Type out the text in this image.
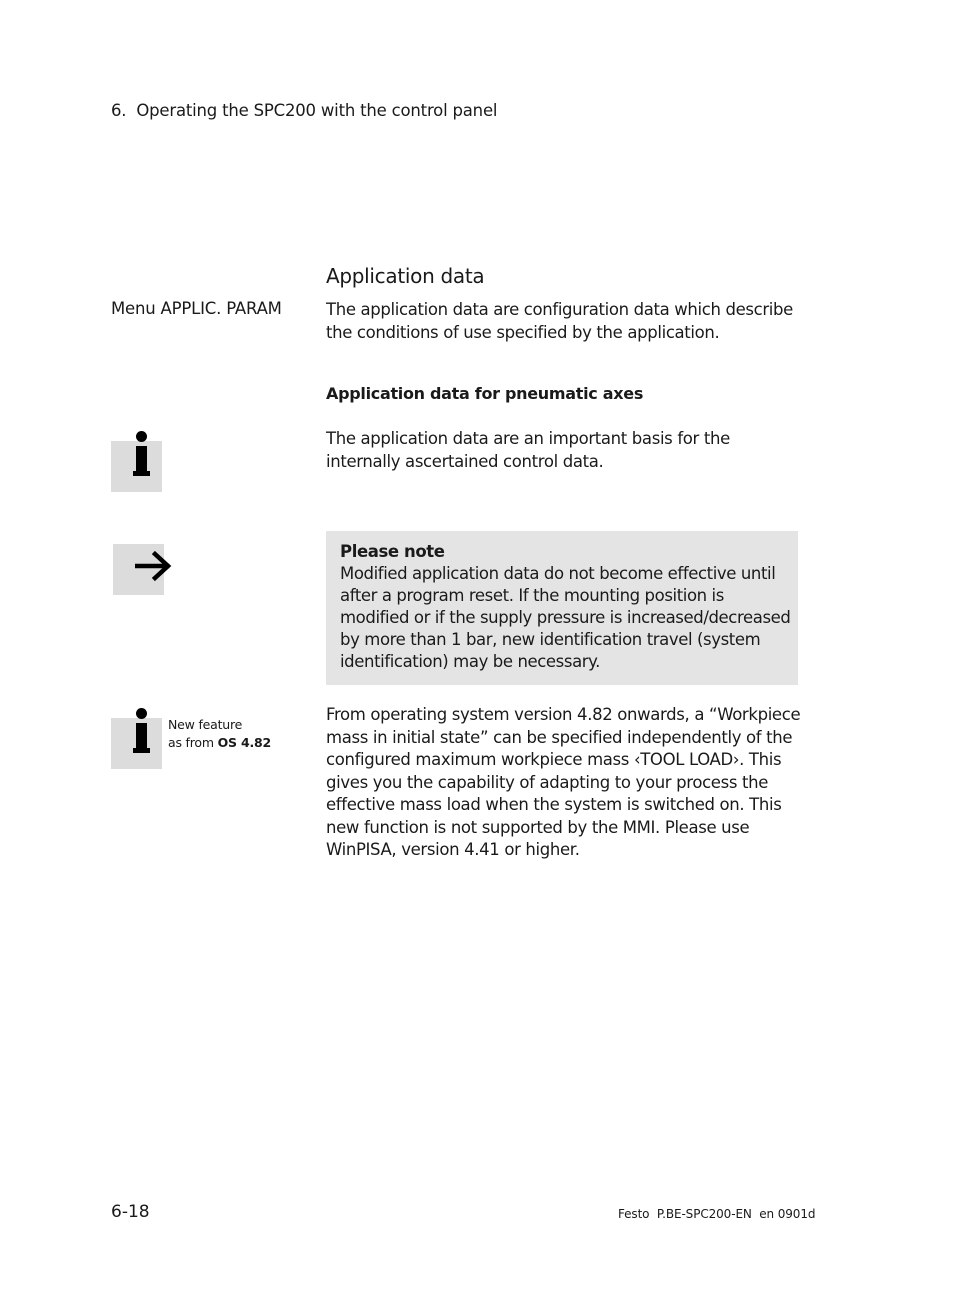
6. Operating the SPC200 with the control panel
Application data
Menu APPLIC. PARAM	The application data are configuration data which describe the conditions of use specified by the application.
Application data for pneumatic axes
The application data are an important basis for the internally ascertained control data.
Please note
Modified application data do not become effective until after a program reset. If the mounting position is modified or if the supply pressure is increased/decreased by more than 1 bar, new identification travel (system identification) may be necessary.
New feature
as from OS 4.82
From operating system version 4.82 onwards, a “Workpiece mass in initial state” can be specified independently of the configured maximum workpiece mass ‹TOOL LOAD›. This gives you the capability of adapting to your process the effective mass load when the system is switched on. This new function is not supported by the MMI. Please use WinPISA, version 4.41 or higher.
6-18	Festo  P.BE-SPC200-EN  en 0901d
